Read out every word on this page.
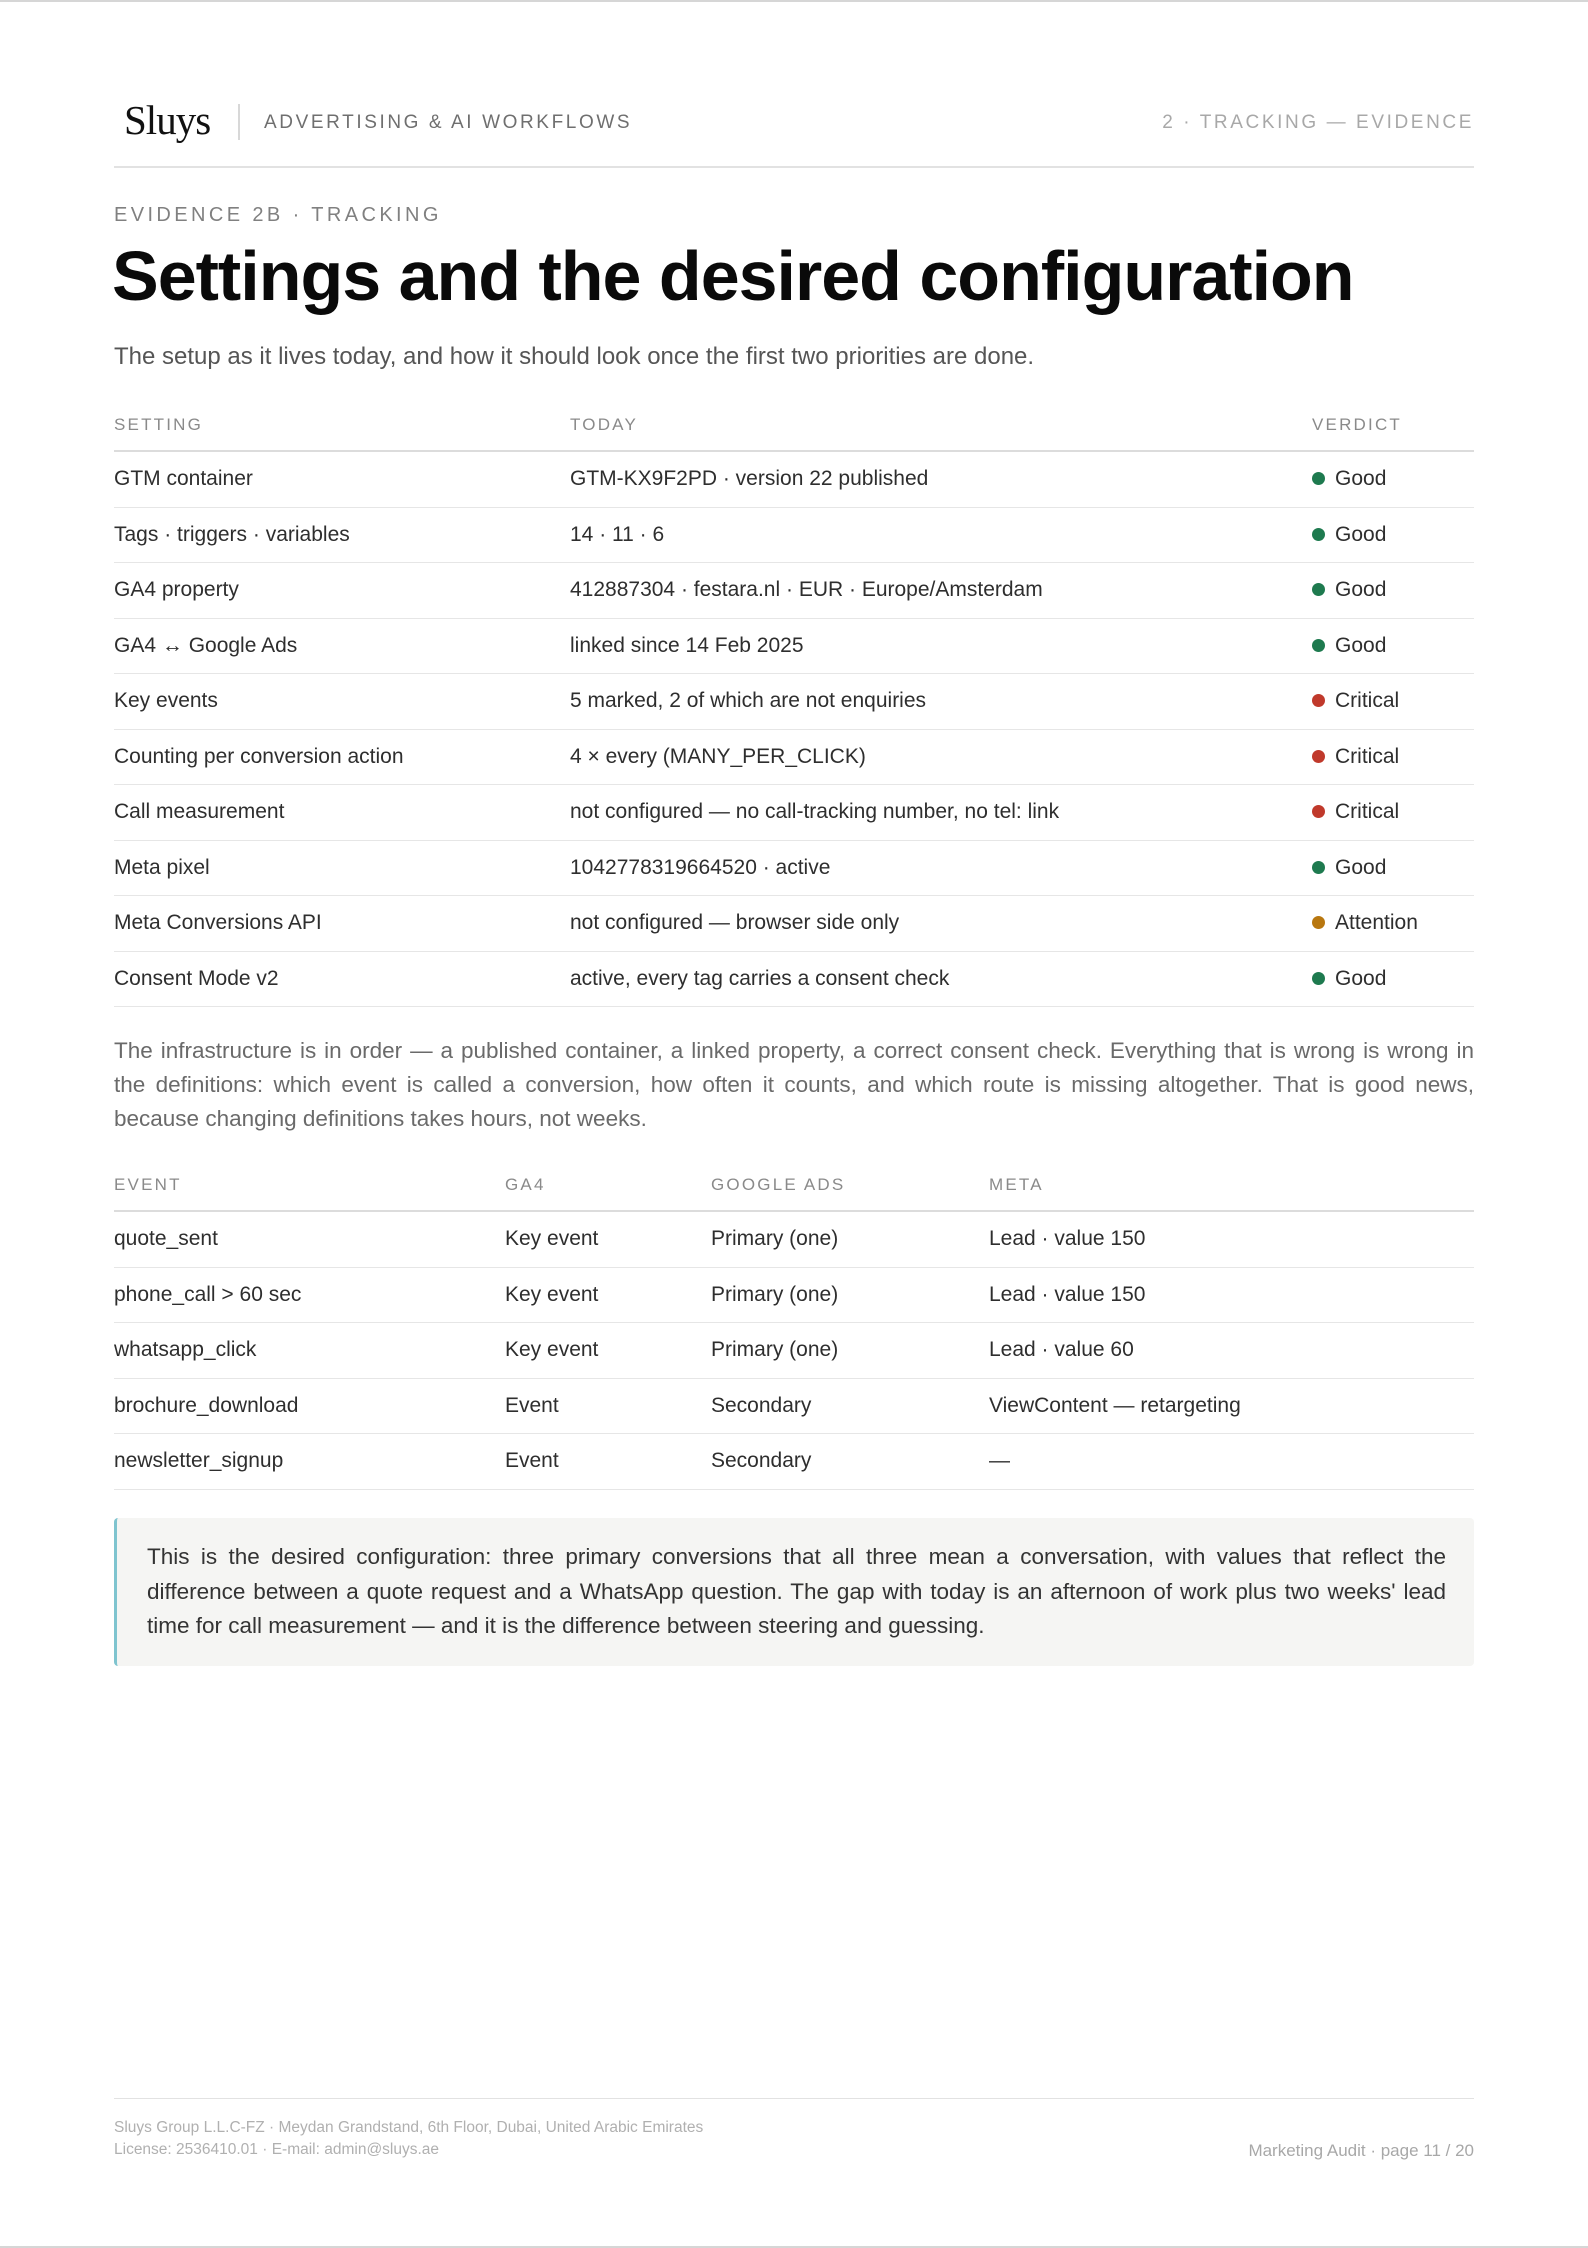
Sluys	ADVERTISING & AI WORKFLOWS	2 · TRACKING — EVIDENCE
EVIDENCE 2B · TRACKING
Settings and the desired configuration
The setup as it lives today, and how it should look once the first two priorities are done.
SETTING	TODAY	VERDICT
GTM container	GTM-KX9F2PD · version 22 published	Good
Tags · triggers · variables	14 · 11 · 6	Good
GA4 property	412887304 · festara.nl · EUR · Europe/Amsterdam	Good
GA4 ↔ Google Ads	linked since 14 Feb 2025	Good
Key events	5 marked, 2 of which are not enquiries	Critical
Counting per conversion action	4 × every (MANY_PER_CLICK)	Critical
Call measurement	not configured — no call-tracking number, no tel: link	Critical
Meta pixel	1042778319664520 · active	Good
Meta Conversions API	not configured — browser side only	Attention
Consent Mode v2	active, every tag carries a consent check	Good

The infrastructure is in order — a published container, a linked property, a correct consent check. Everything that is wrong is wrong in the definitions: which event is called a conversion, how often it counts, and which route is missing altogether. That is good news, because changing definitions takes hours, not weeks.

EVENT	GA4	GOOGLE ADS	META
quote_sent	Key event	Primary (one)	Lead · value 150
phone_call > 60 sec	Key event	Primary (one)	Lead · value 150
whatsapp_click	Key event	Primary (one)	Lead · value 60
brochure_download	Event	Secondary	ViewContent — retargeting
newsletter_signup	Event	Secondary	—

This is the desired configuration: three primary conversions that all three mean a conversation, with values that reflect the difference between a quote request and a WhatsApp question. The gap with today is an afternoon of work plus two weeks' lead time for call measurement — and it is the difference between steering and guessing.

Sluys Group L.L.C-FZ · Meydan Grandstand, 6th Floor, Dubai, United Arabic Emirates
License: 2536410.01 · E-mail: admin@sluys.ae	Marketing Audit · page 11 / 20
